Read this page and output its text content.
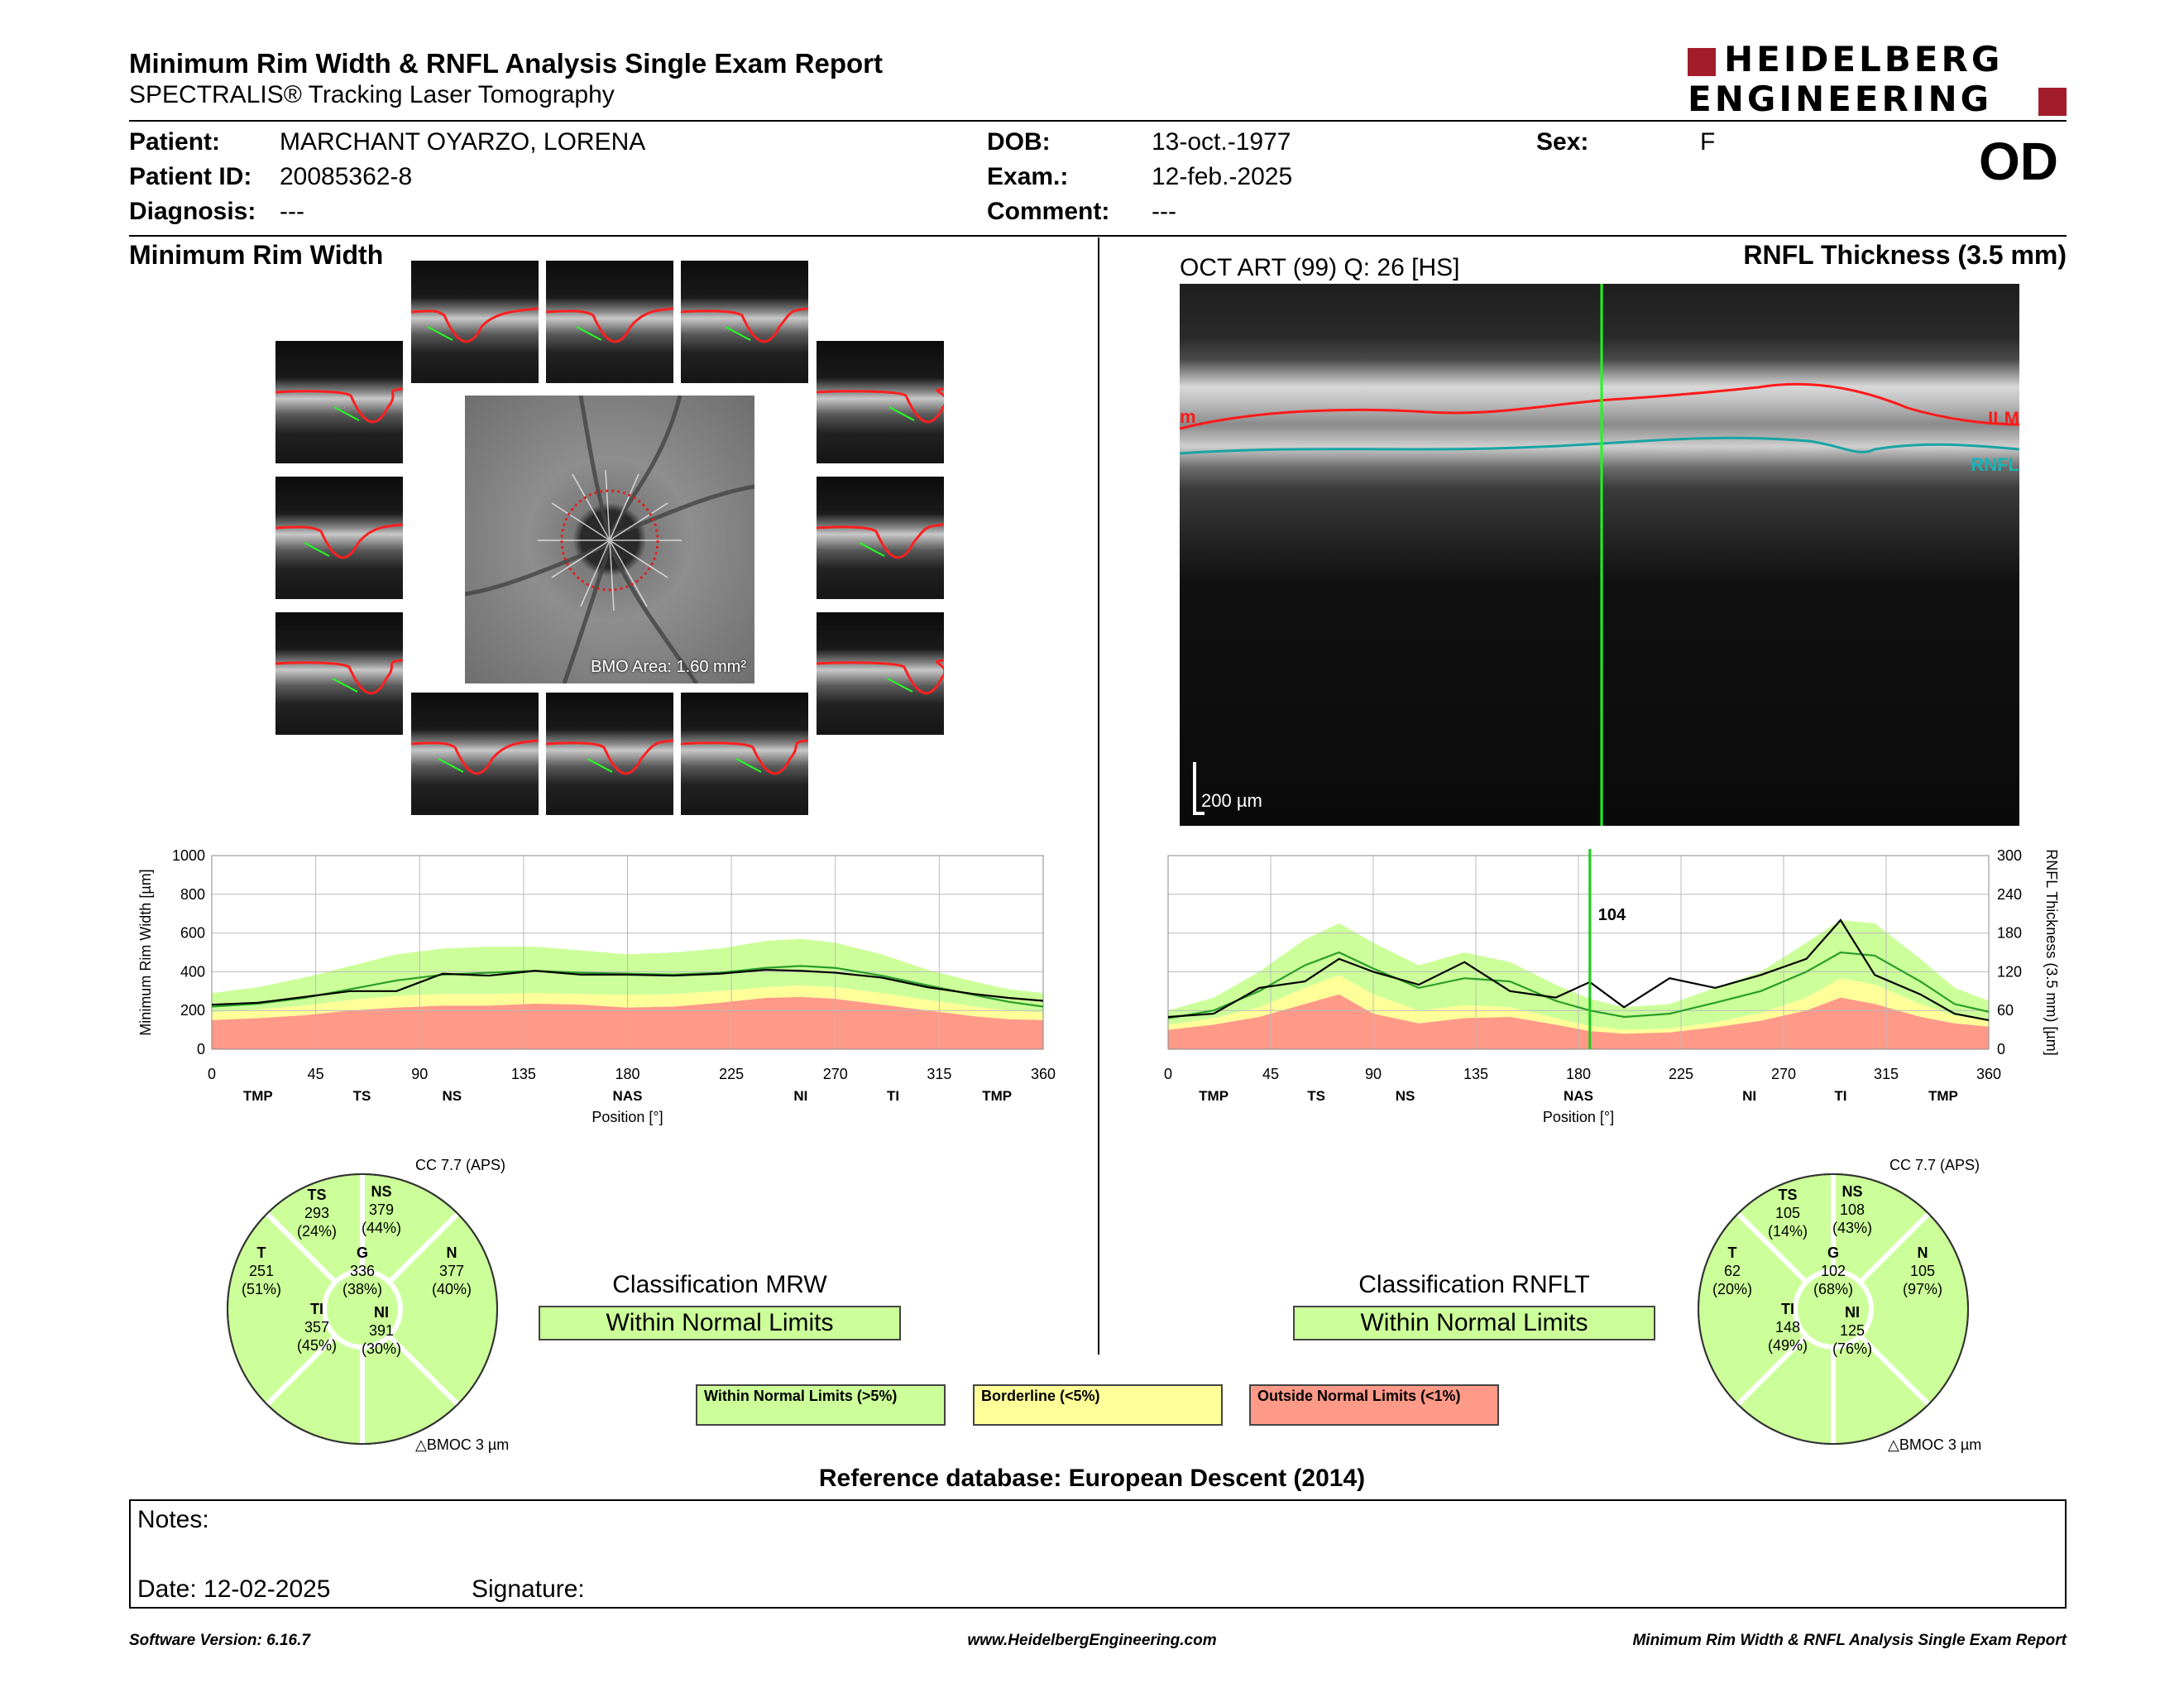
Minimum Rim Width & RNFL Analysis Single Exam Report
SPECTRALIS® Tracking Laser Tomography
HEIDELBERG
ENGINEERING
Patient: MARCHANT OYARZO, LORENA
Patient ID: 20085362-8
Diagnosis: ---
DOB:	13-oct.-1977
Exam.:	12-feb.-2025
Comment: ---
Sex:	F	OD
Minimum Rim Width
BMO Area: 1.60 mm²
RNFL Thickness (3.5 mm)
OCT ART (99) Q: 26 [HS]
ILM
m
RNFL
200 µm
0	45	90	135	180	225	270	315	360
TMP	TS	NS	NAS	NI	TI	TMP
Position [°]
0
200
400
600
800
1000
Minimum Rim Width [µm]	104
0	45	90	135	180	225	270	315	360
TMP	TS	NS	NAS	NI	TI	TMP
Position [°]
0
60
120
180
240
300 RNFL Thickness (3.5 mm) [µm]
CC 7.7 (APS)
TS
293
(24%)
NS
379
(44%)
T
251
(51%)
G
336
(38%)
N
377
(40%)
TI
357
(45%)
NI
391
(30%)
△BMOC 3 µm
CC 7.7 (APS)
TS
105
(14%)
NS
108
(43%)
T
62
(20%)
G
102
(68%)
N
105
(97%)
TI
148
(49%)
NI
125
(76%)
△BMOC 3 µm
Classification MRW
Within Normal Limits
Classification RNFLT
Within Normal Limits
Within Normal Limits (>5%)	Borderline (<5%)	Outside Normal Limits (<1%)
Reference database: European Descent (2014)
Notes:
Date: 12-02-2025	Signature:
Software Version: 6.16.7	www.HeidelbergEngineering.com	Minimum Rim Width & RNFL Analysis Single Exam Report
